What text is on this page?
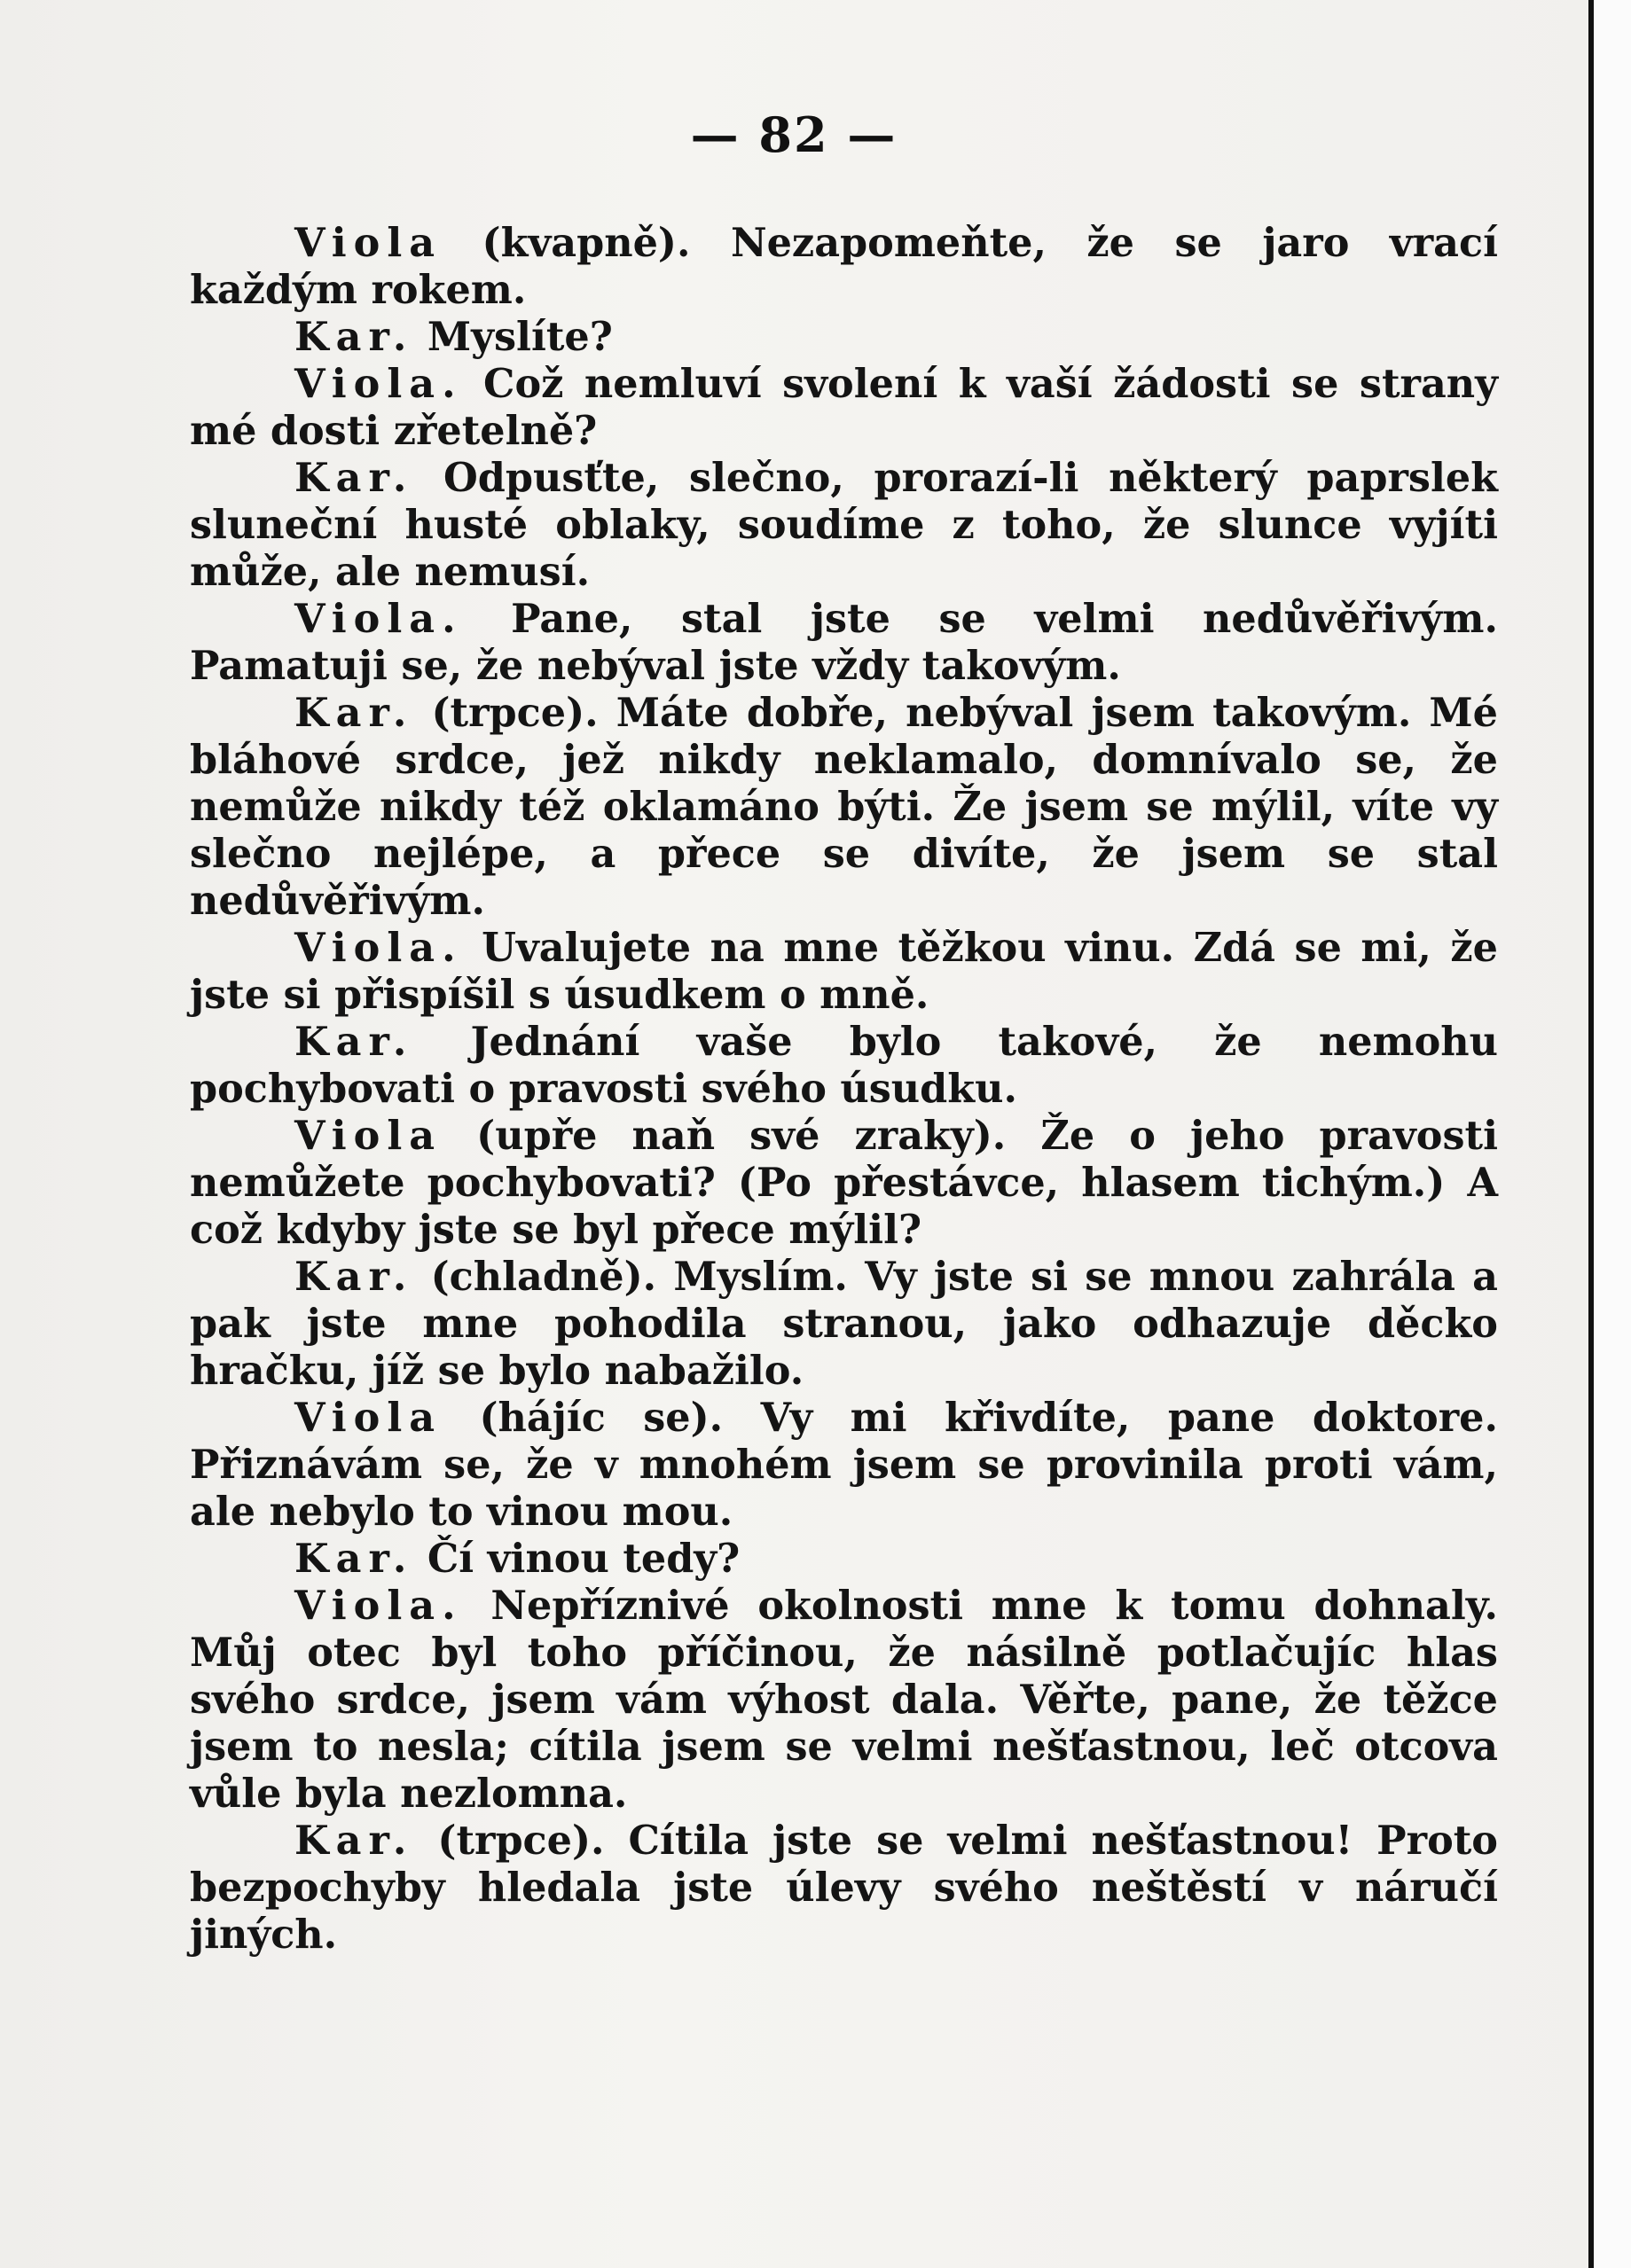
— 82 —

Viola (kvapně). Nezapomeňte, že se jaro vrací každým rokem.

Kar. Myslíte?

Viola. Což nemluví svolení k vaší žádosti se strany mé dosti zřetelně?

Kar. Odpusťte, slečno, prorazí-li některý paprslek sluneční husté oblaky, soudíme z toho, že slunce vyjíti může, ale nemusí.

Viola. Pane, stal jste se velmi nedůvěřivým. Pamatuji se, že nebýval jste vždy takovým.

Kar. (trpce). Máte dobře, nebýval jsem takovým. Mé bláhové srdce, jež nikdy neklamalo, domnívalo se, že nemůže nikdy též oklamáno býti. Že jsem se mýlil, víte vy slečno nejlépe, a přece se divíte, že jsem se stal nedůvěřivým.

Viola. Uvalujete na mne těžkou vinu. Zdá se mi, že jste si přispíšil s úsudkem o mně.

Kar. Jednání vaše bylo takové, že nemohu pochybovati o pravosti svého úsudku.

Viola (upře naň své zraky). Že o jeho pravosti nemůžete pochybovati? (Po přestávce, hlasem tichým.) A což kdyby jste se byl přece mýlil?

Kar. (chladně). Myslím. Vy jste si se mnou zahrála a pak jste mne pohodila stranou, jako odhazuje děcko hračku, jíž se bylo nabažilo.

Viola (hájíc se). Vy mi křivdíte, pane doktore. Přiznávám se, že v mnohém jsem se provinila proti vám, ale nebylo to vinou mou.

Kar. Čí vinou tedy?

Viola. Nepříznivé okolnosti mne k tomu dohnaly. Můj otec byl toho příčinou, že násilně potlačujíc hlas svého srdce, jsem vám výhost dala. Věřte, pane, že těžce jsem to nesla; cítila jsem se velmi nešťastnou, leč otcova vůle byla nezlomna.

Kar. (trpce). Cítila jste se velmi nešťastnou! Proto bezpochyby hledala jste úlevy svého neštěstí v náručí jiných.
